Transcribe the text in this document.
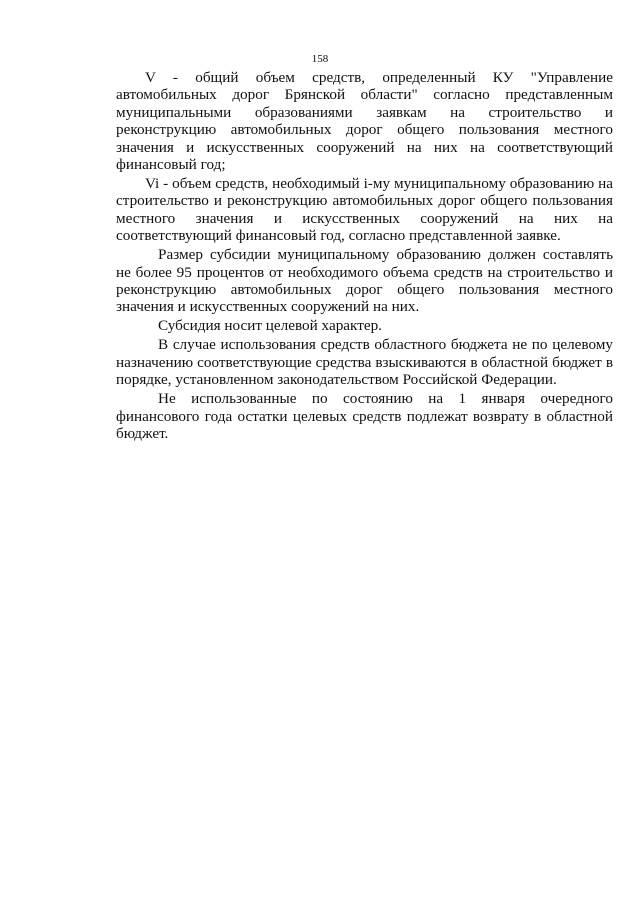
158

V - общий объем средств, определенный КУ "Управление автомобильных дорог Брянской области" согласно представленным муниципальными образованиями заявкам на строительство и реконструкцию автомобильных дорог общего пользования местного значения и искусственных сооружений на них на соответствующий финансовый год;

Vi - объем средств, необходимый i-му муниципальному образованию на строительство и реконструкцию автомобильных дорог общего пользования местного значения и искусственных сооружений на них на соответствующий финансовый год, согласно представленной заявке.

Размер субсидии муниципальному образованию должен составлять не более 95 процентов от необходимого объема средств на строительство и реконструкцию автомобильных дорог общего пользования местного значения и искусственных сооружений на них.

Субсидия носит целевой характер.

В случае использования средств областного бюджета не по целевому назначению соответствующие средства взыскиваются в областной бюджет в порядке, установленном законодательством Российской Федерации.

Не использованные по состоянию на 1 января очередного финансового года остатки целевых средств подлежат возврату в областной бюджет.
